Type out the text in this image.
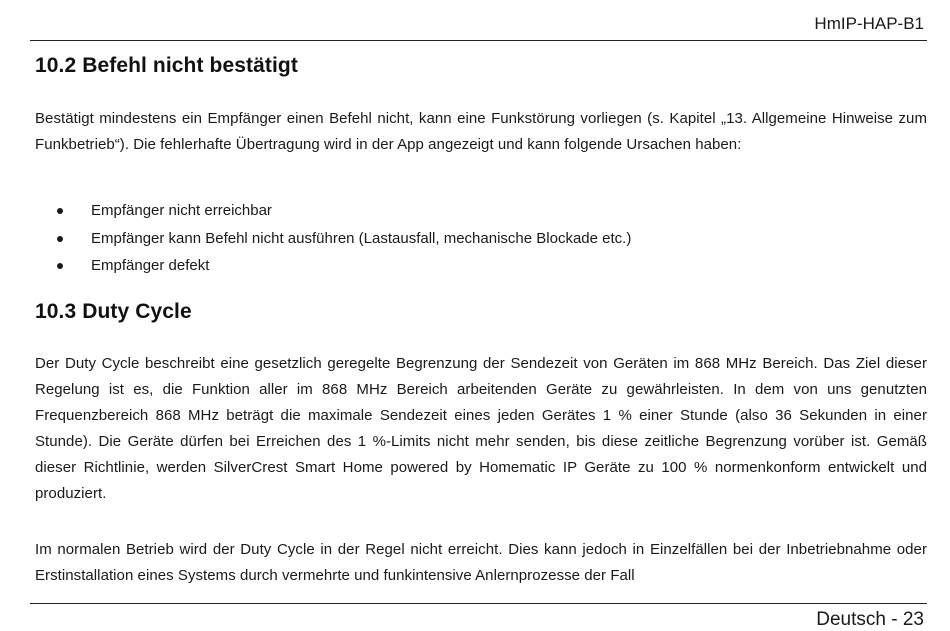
HmIP-HAP-B1
10.2 Befehl nicht bestätigt

Bestätigt mindestens ein Empfänger einen Befehl nicht, kann eine Funkstörung vorliegen (s. Kapitel „13. Allgemeine Hinweise zum Funkbetrieb“). Die fehlerhafte Übertragung wird in der App angezeigt und kann folgende Ursachen haben:

Empfänger nicht erreichbar
Empfänger kann Befehl nicht ausführen (Lastausfall, mechanische Blockade etc.)
Empfänger defekt
10.3 Duty Cycle

Der Duty Cycle beschreibt eine gesetzlich geregelte Begrenzung der Sendezeit von Geräten im 868 MHz Bereich. Das Ziel dieser Regelung ist es, die Funktion aller im 868 MHz Bereich arbeitenden Geräte zu gewährleisten. In dem von uns genutzten Frequenzbereich 868 MHz beträgt die maximale Sendezeit eines jeden Gerätes 1 % einer Stunde (also 36 Sekunden in einer Stunde). Die Geräte dürfen bei Erreichen des 1 %-Limits nicht mehr senden, bis diese zeitliche Begrenzung vorüber ist. Gemäß dieser Richtlinie, werden SilverCrest Smart Home powered by Homematic IP Geräte zu 100 % normenkonform entwickelt und produziert.

Im normalen Betrieb wird der Duty Cycle in der Regel nicht erreicht. Dies kann jedoch in Einzelfällen bei der Inbetriebnahme oder Erstinstallation eines Systems durch vermehrte und funkintensive Anlernprozesse der Fall

Deutsch - 23
